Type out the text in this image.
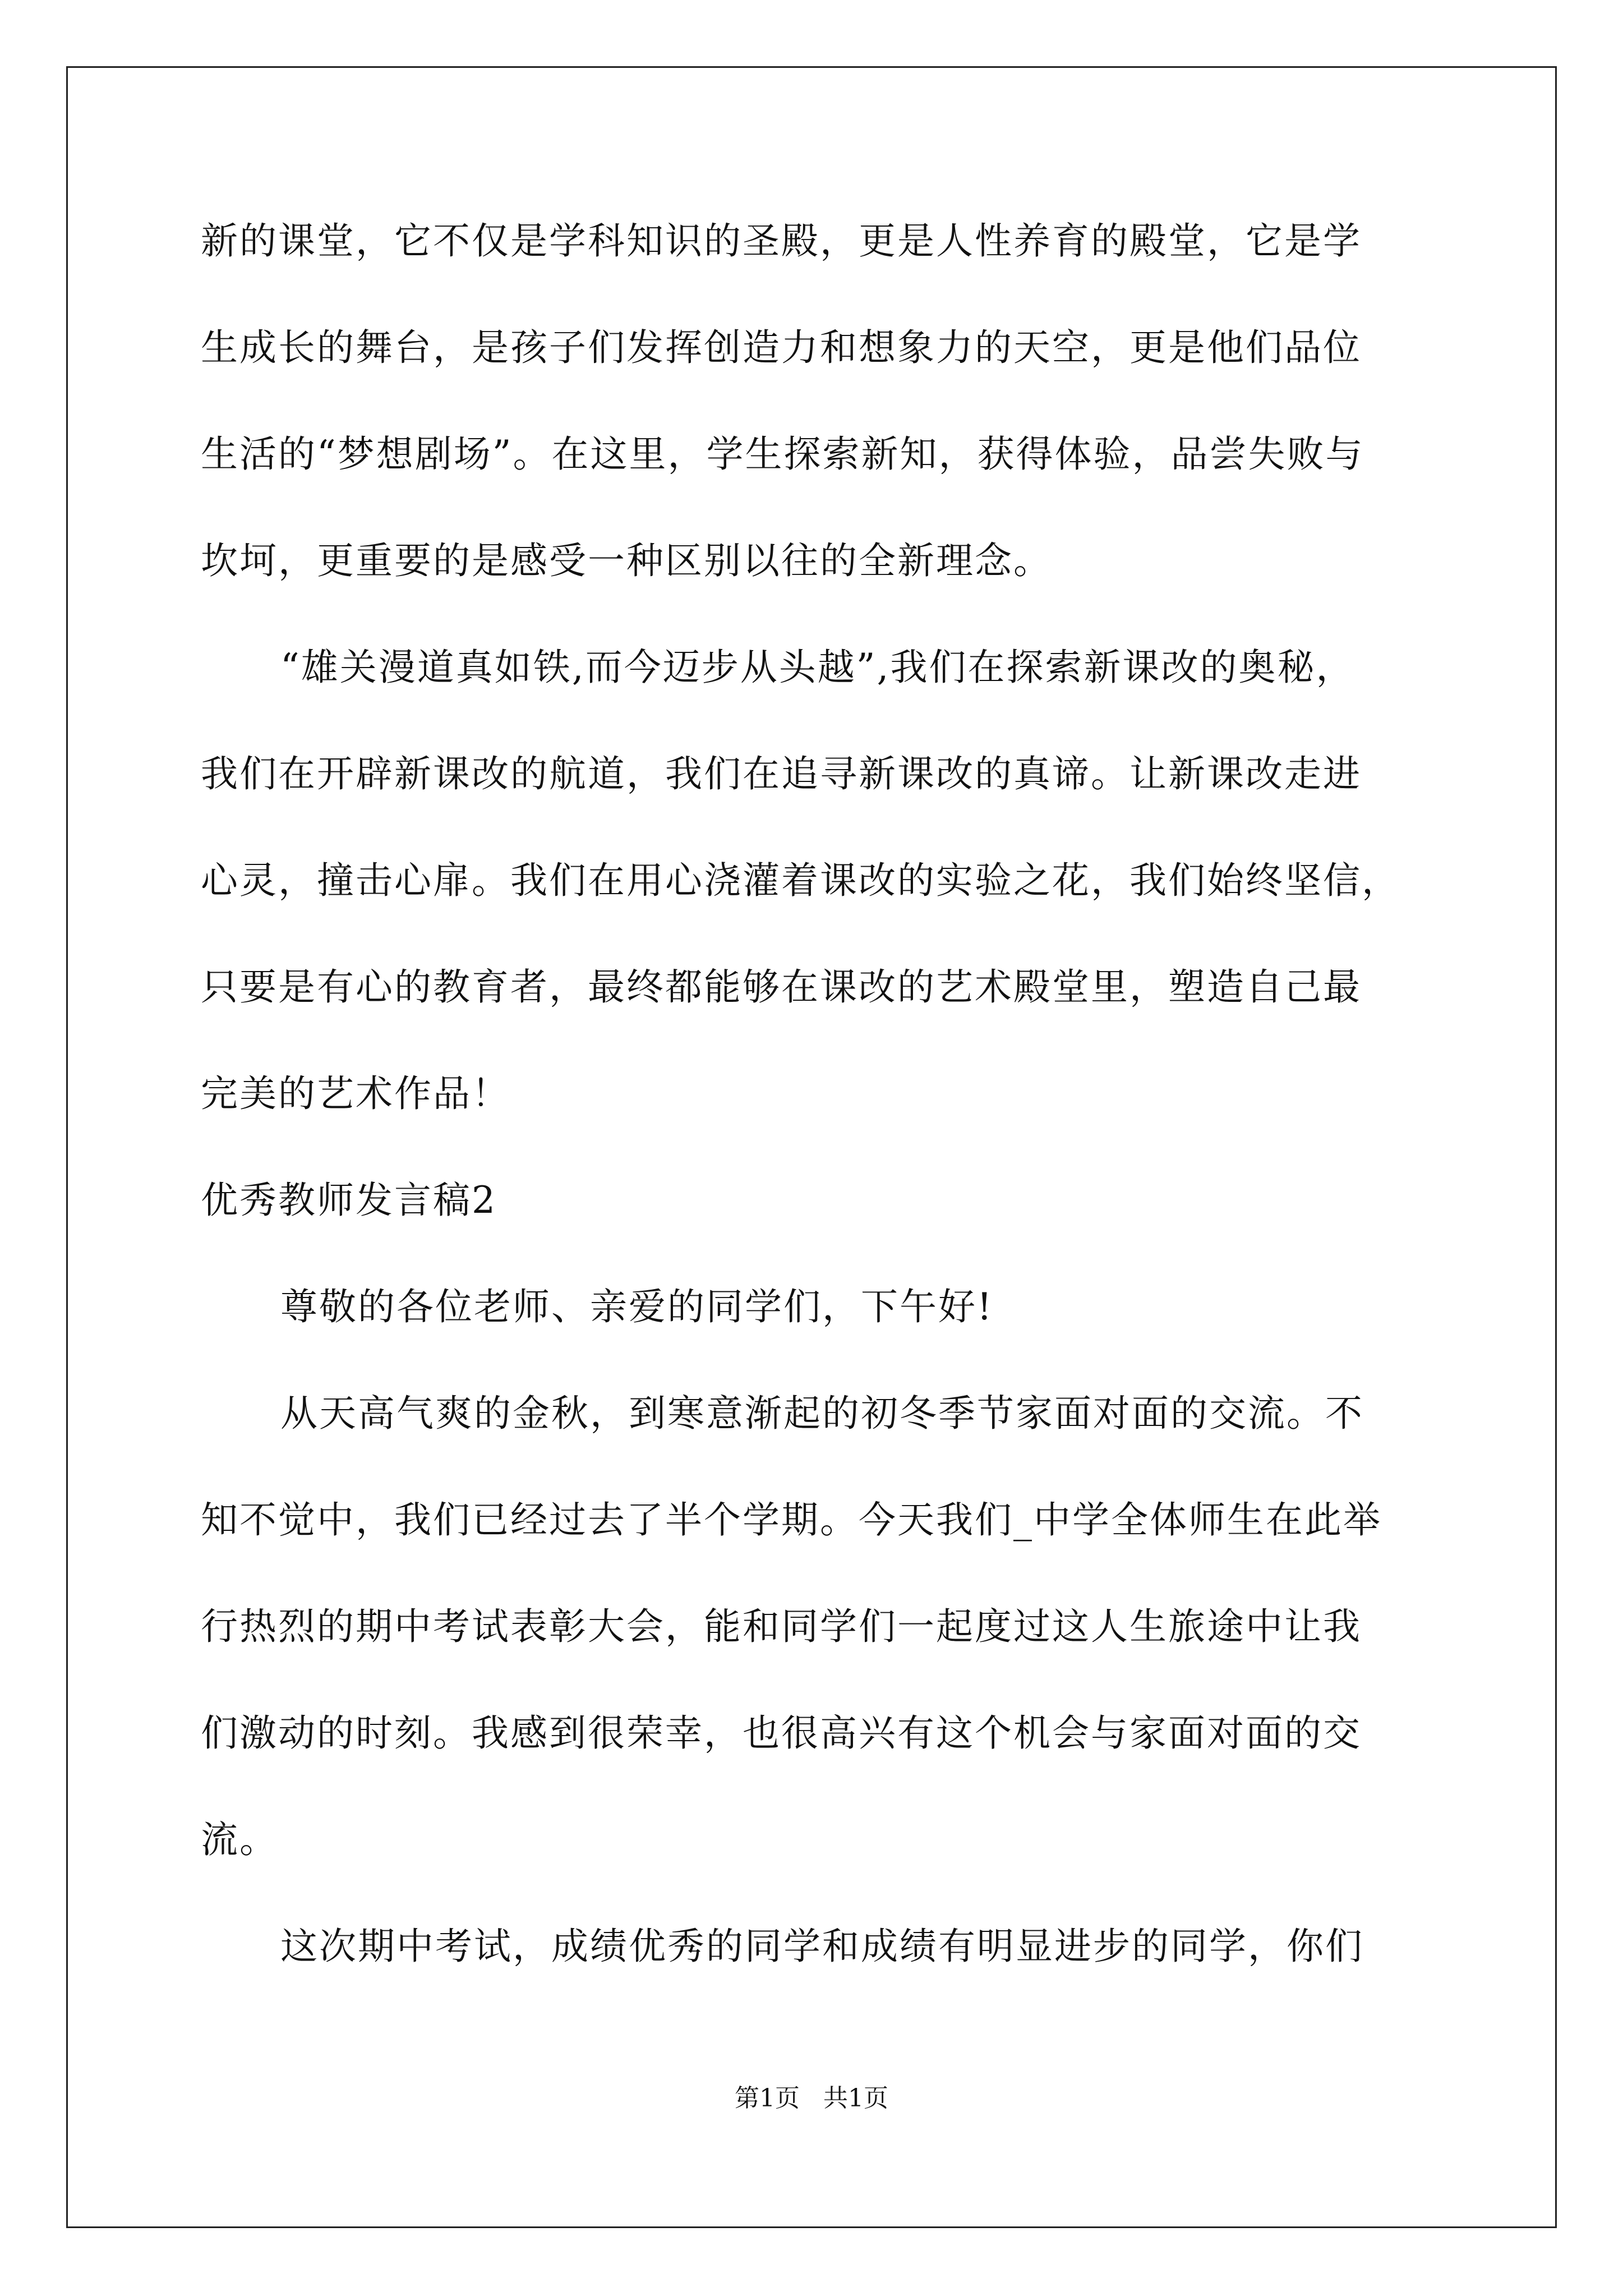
新的课堂，它不仅是学科知识的圣殿，更是人性养育的殿堂，它是学
生成长的舞台，是孩子们发挥创造力和想象力的天空，更是他们品位
生活的“梦想剧场”。在这里，学生探索新知，获得体验，品尝失败与
坎坷，更重要的是感受一种区别以往的全新理念。
“雄关漫道真如铁,而今迈步从头越”,我们在探索新课改的奥秘，
我们在开辟新课改的航道，我们在追寻新课改的真谛。让新课改走进
心灵，撞击心扉。我们在用心浇灌着课改的实验之花，我们始终坚信，
只要是有心的教育者，最终都能够在课改的艺术殿堂里，塑造自己最
完美的艺术作品！
优秀教师发言稿2
尊敬的各位老师、亲爱的同学们，下午好!
从天高气爽的金秋，到寒意渐起的初冬季节家面对面的交流。不
知不觉中，我们已经过去了半个学期。今天我们_中学全体师生在此举
行热烈的期中考试表彰大会，能和同学们一起度过这人生旅途中让我
们激动的时刻。我感到很荣幸，也很高兴有这个机会与家面对面的交
流。
这次期中考试，成绩优秀的同学和成绩有明显进步的同学，你们
第1页   共1页
